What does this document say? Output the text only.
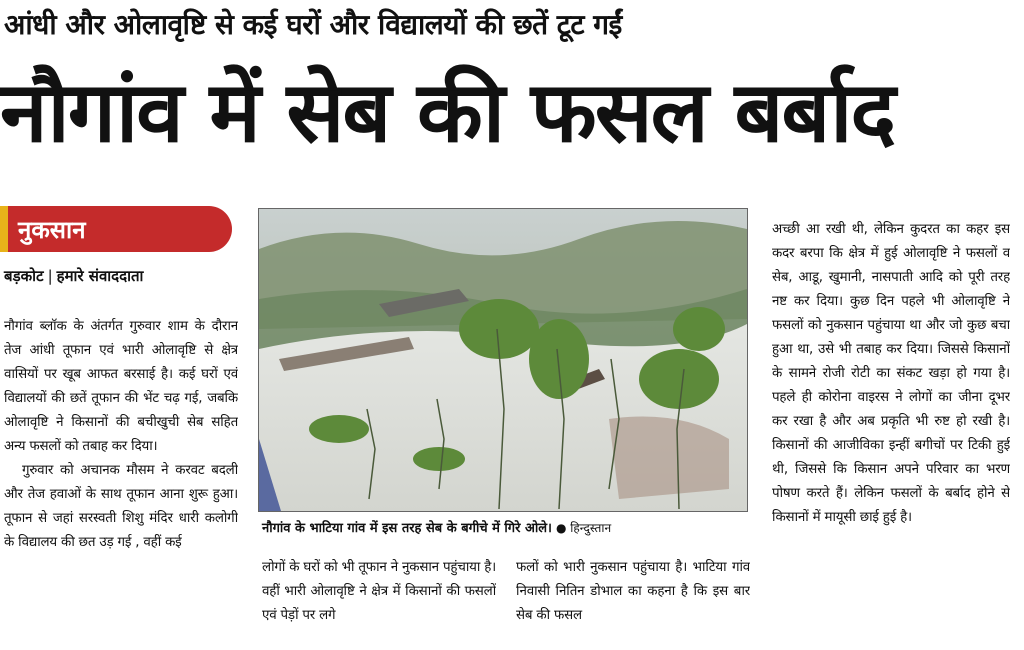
आंधी और ओलावृष्टि से कई घरों और विद्यालयों की छतें टूट गईं
नौगांव में सेब की फसल बर्बाद
नुकसान
बड़कोट | हमारे संवाददाता

नौगांव ब्लॉक के अंतर्गत गुरुवार शाम के दौरान तेज आंधी तूफान एवं भारी ओलावृष्टि से क्षेत्र वासियों पर खूब आफत बरसाई है। कई घरों एवं विद्यालयों की छतें तूफान की भेंट चढ़ गई, जबकि ओलावृष्टि ने किसानों की बचीखुची सेब सहित अन्य फसलों को तबाह कर दिया।

गुरुवार को अचानक मौसम ने करवट बदली और तेज हवाओं के साथ तूफान आना शुरू हुआ। तूफान से जहां सरस्वती शिशु मंदिर धारी कलोगी के विद्यालय की छत उड़ गई , वहीं कई

नौगांव के भाटिया गांव में इस तरह सेब के बगीचे में गिरे ओले। ● हिन्दुस्तान

लोगों के घरों को भी तूफान ने नुकसान पहुंचाया है। वहीं भारी ओलावृष्टि ने क्षेत्र में किसानों की फसलों एवं पेड़ों पर लगे

फलों को भारी नुकसान पहुंचाया है। भाटिया गांव निवासी नितिन डोभाल का कहना है कि इस बार सेब की फसल

अच्छी आ रखी थी, लेकिन कुदरत का कहर इस कदर बरपा कि क्षेत्र में हुई ओलावृष्टि ने फसलों व सेब, आडू, खुमानी, नासपाती आदि को पूरी तरह नष्ट कर दिया। कुछ दिन पहले भी ओलावृष्टि ने फसलों को नुकसान पहुंचाया था और जो कुछ बचा हुआ था, उसे भी तबाह कर दिया। जिससे किसानों के सामने रोजी रोटी का संकट खड़ा हो गया है। पहले ही कोरोना वाइरस ने लोगों का जीना दूभर कर रखा है और अब प्रकृति भी रुष्ट हो रखी है। किसानों की आजीविका इन्हीं बगीचों पर टिकी हुई थी, जिससे कि किसान अपने परिवार का भरण पोषण करते हैं। लेकिन फसलों के बर्बाद होने से किसानों में मायूसी छाई हुई है।
